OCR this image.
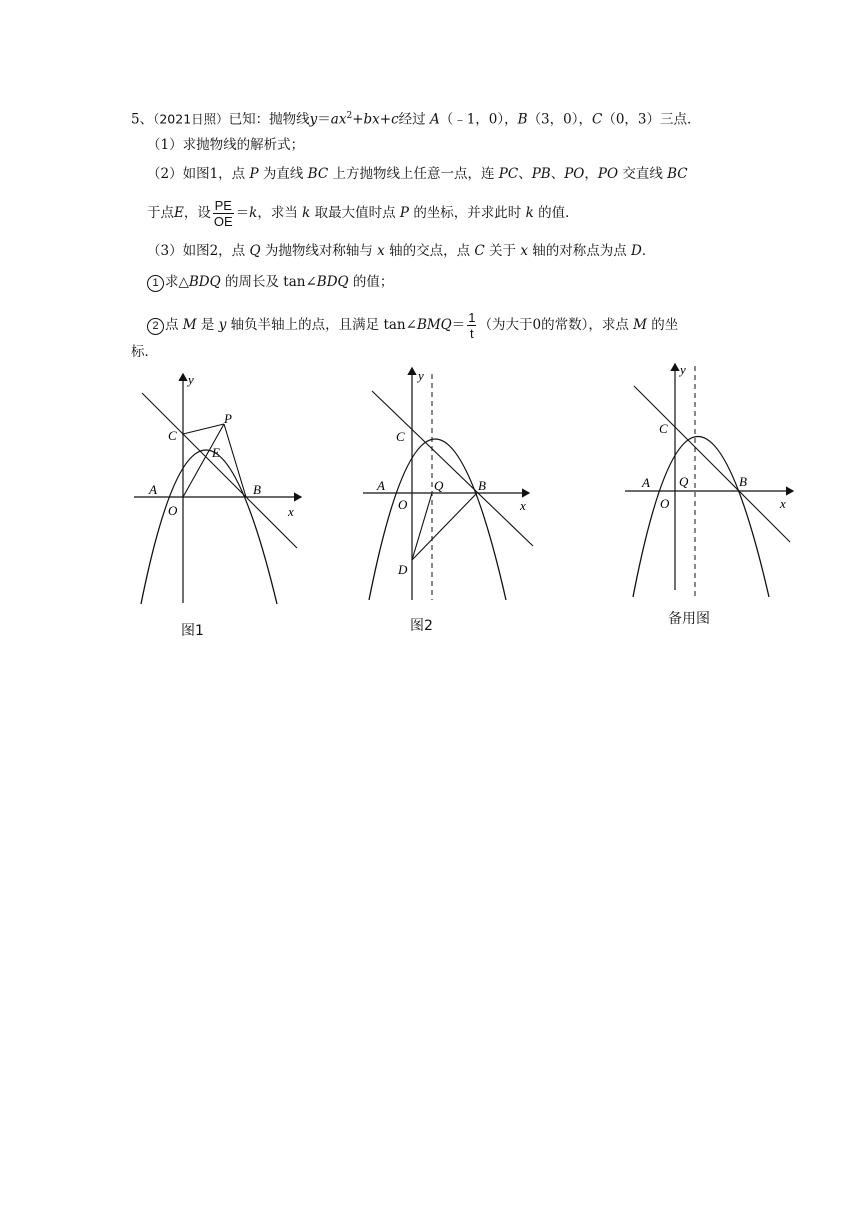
5、（2021日照）已知：抛物线$y=ax^2+bx+c$经过 A（﹣1，0），B（3，0），C（0，3）三点．
（1）求抛物线的解析式；
（2）如图1，点 P 为直线 BC 上方抛物线上任意一点，连 PC、PB、PO，PO 交直线 BC
于点E，设 $\frac{PE}{OE} =k$，求当 k 取最大值时点 P 的坐标，并求此时 k 的值．
（3）如图2，点 Q 为抛物线对称轴与 x 轴的交点，点 C 关于 x 轴的对称点为点 D．
1 求△BDQ 的周长及 tan∠BDQ 的值；
2 点 M 是 y 轴负半轴上的点，且满足 tan∠BMQ＝ $\frac{1}{t}$ （为大于0的常数），求点 M 的坐
标．
y
C
P
E
A	B
O	x
图1
y
C
A	Q	B
O	x
D
图2
y
C
A Q	B
O	x
备用图
